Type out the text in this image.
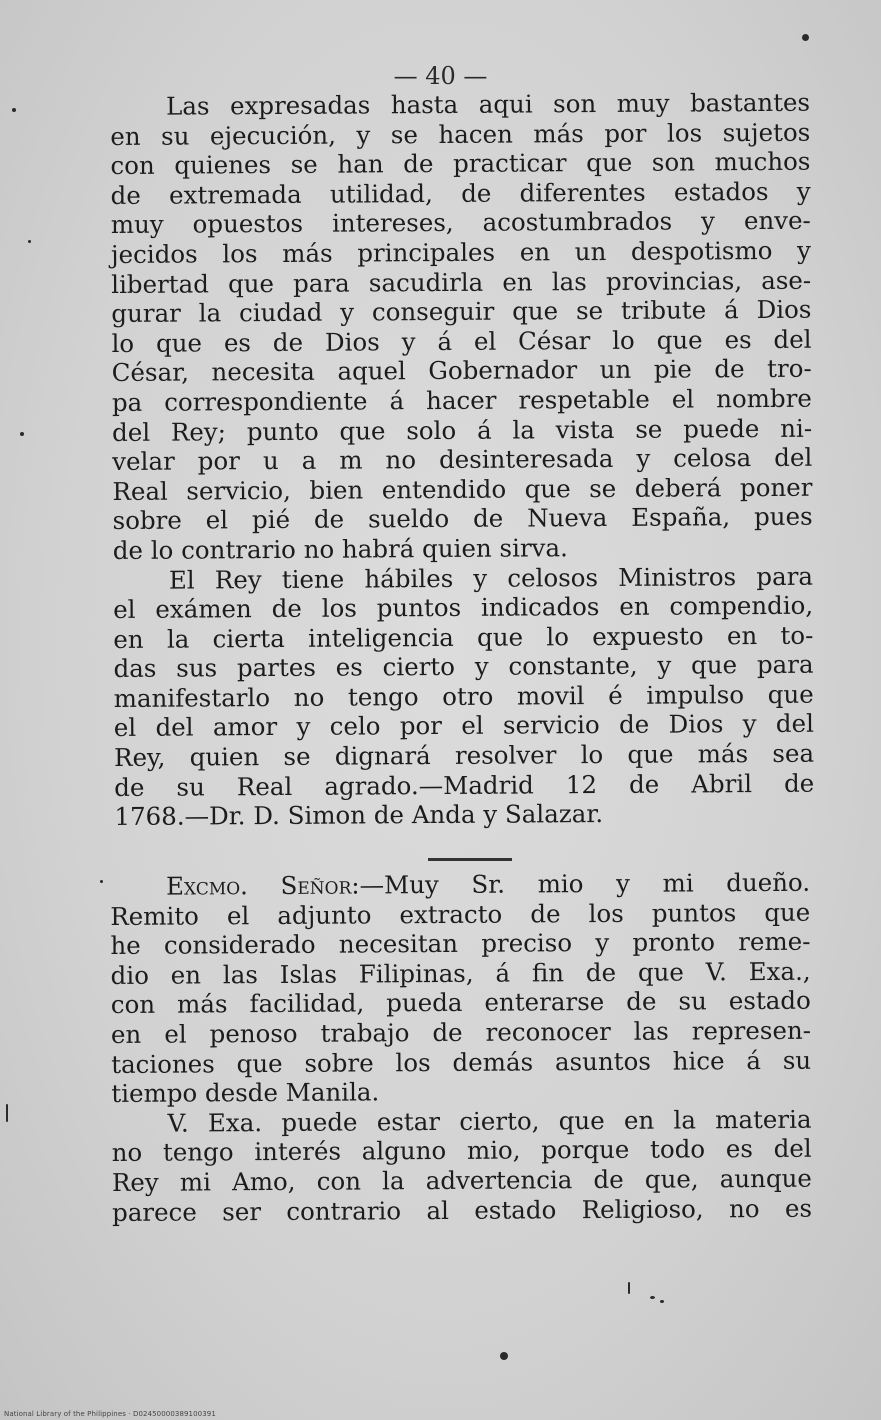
— 40 —
Las expresadas hasta aqui son muy bastantes
en su ejecución, y se hacen más por los sujetos
con quienes se han de practicar que son muchos
de extremada utilidad, de diferentes estados y
muy opuestos intereses, acostumbrados y enve-
jecidos los más principales en un despotismo y
libertad que para sacudirla en las provincias, ase-
gurar la ciudad y conseguir que se tribute á Dios
lo que es de Dios y á el César lo que es del
César, necesita aquel Gobernador un pie de tro-
pa correspondiente á hacer respetable el nombre
del Rey; punto que solo á la vista se puede ni-
velar por u a m no desinteresada y celosa del
Real servicio, bien entendido que se deberá poner
sobre el pié de sueldo de Nueva España, pues
de lo contrario no habrá quien sirva.
El Rey tiene hábiles y celosos Ministros para
el exámen de los puntos indicados en compendio,
en la cierta inteligencia que lo expuesto en to-
das sus partes es cierto y constante, y que para
manifestarlo no tengo otro movil é impulso que
el del amor y celo por el servicio de Dios y del
Rey, quien se dignará resolver lo que más sea
de su Real agrado.—Madrid 12 de Abril de
1768.—Dr. D. Simon de Anda y Salazar.
Excmo. Señor:—Muy Sr. mio y mi dueño.
Remito el adjunto extracto de los puntos que
he considerado necesitan preciso y pronto reme-
dio en las Islas Filipinas, á fin de que V. Exa.,
con más facilidad, pueda enterarse de su estado
en el penoso trabajo de reconocer las represen-
taciones que sobre los demás asuntos hice á su
tiempo desde Manila.
V. Exa. puede estar cierto, que en la materia
no tengo interés alguno mio, porque todo es del
Rey mi Amo, con la advertencia de que, aunque
parece ser contrario al estado Religioso, no es
National Library of the Philippines · D02450000389100391
